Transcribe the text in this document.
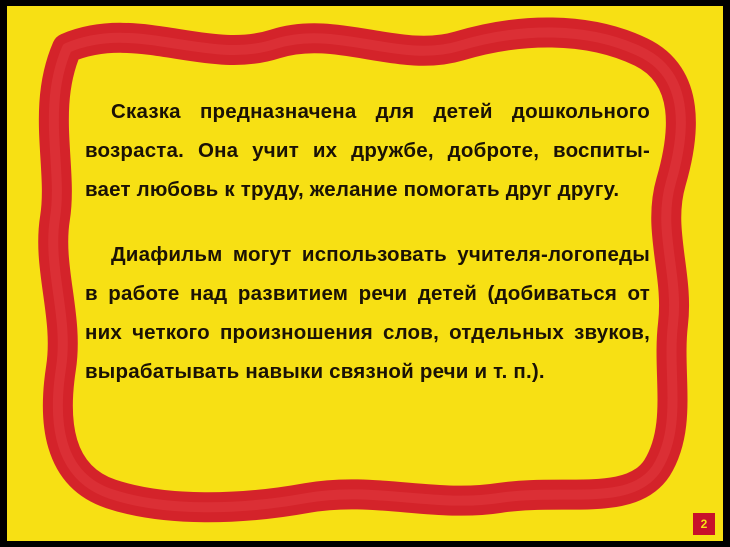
Сказка предназначена для детей дошкольного возраста. Она учит их дружбе, доброте, воспиты- вает любовь к труду, желание помогать друг другу.

Диафильм могут использовать учителя-логопеды в работе над развитием речи детей (добиваться от них четкого произношения слов, отдельных звуков, вырабатывать навыки связной речи и т. п.).

2
